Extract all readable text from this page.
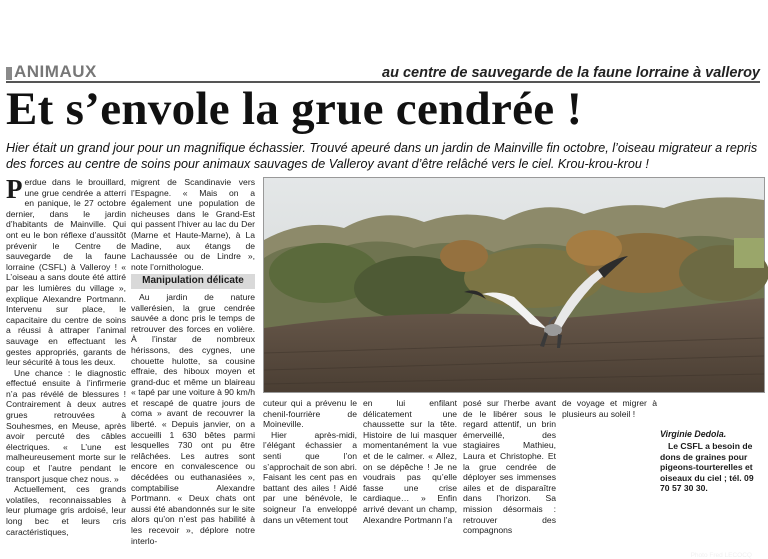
ANIMAUX	au centre de sauvegarde de la faune lorraine à valleroy
Et s’envole la grue cendrée !
Hier était un grand jour pour un magnifique échassier. Trouvé apeuré dans un jardin de Mainville fin octobre, l’oiseau migrateur a repris des forces au centre de soins pour animaux sauvages de Valleroy avant d’être relâché vers le ciel. Krou-krou-krou !

Perdue dans le brouillard, une grue cendrée a atterri en panique, le 27 octobre dernier, dans le jardin d’habitants de Mainville. Qui ont eu le bon réflexe d’aussitôt prévenir le Centre de sauvegarde de la faune lorraine (CSFL) à Valleroy ! « L’oiseau a sans doute été attiré par les lumières du village », explique Alexandre Portmann. Intervenu sur place, le capacitaire du centre de soins a réussi à attraper l’animal sauvage en effectuant les gestes appropriés, garants de leur sécurité à tous les deux.

Une chance : le diagnostic effectué ensuite à l’infirmerie n’a pas révélé de blessures ! Contrairement à deux autres grues retrouvées à Souhesmes, en Meuse, après avoir percuté des câbles électriques. « L’une est malheureusement morte sur le coup et l’autre pendant le transport jusque chez nous. »

Actuellement, ces grands volatiles, reconnaissables à leur plumage gris ardoisé, leur long bec et leurs cris caractéristiques,

migrent de Scandinavie vers l’Espagne. « Mais on a également une population de nicheuses dans le Grand-Est qui passent l’hiver au lac du Der (Marne et Haute-Marne), à La Madine, aux étangs de Lachaussée ou de Lindre », note l’ornithologue.

Manipulation délicate

Au jardin de nature vallerésien, la grue cendrée sauvée a donc pris le temps de retrouver des forces en volière. À l’instar de nombreux hérissons, des cygnes, une chouette hulotte, sa cousine effraie, des hiboux moyen et grand-duc et même un blaireau « tapé par une voiture à 90 km/h et rescapé de quatre jours de coma » avant de recouvrer la liberté. « Depuis janvier, on a accueilli 1 630 bêtes parmi lesquelles 730 ont pu être relâchées. Les autres sont encore en convalescence ou décédées ou euthanasiées », comptabilise Alexandre Portmann. « Deux chats ont aussi été abandonnés sur le site alors qu’on n’est pas habilité à les recevoir », déplore notre interlo-

Photo Fred LECOCQ

cuteur qui a prévenu le chenil-fourrière de Moineville.

Hier après-midi, l’élégant échassier a senti que l’on s’approchait de son abri. Faisant les cent pas en battant des ailes ! Aidé par une bénévole, le soigneur l’a enveloppé dans un vêtement tout

en lui enfilant délicatement une chaussette sur la tête. Histoire de lui masquer momentanément la vue et de le calmer. « Allez, on se dépêche ! Je ne voudrais pas qu’elle fasse une crise cardiaque… » Enfin arrivé devant un champ, Alexandre Portmann l’a

posé sur l’herbe avant de le libérer sous le regard attentif, un brin émerveillé, des stagiaires Mathieu, Laura et Christophe. Et la grue cendrée de déployer ses immenses ailes et de disparaître dans l’horizon. Sa mission désormais : retrouver des compagnons

de voyage et migrer à plusieurs au soleil !

Virginie Dedola.
Le CSFL a besoin de dons de graines pour pigeons-tourterelles et oiseaux du ciel ; tél. 09 70 57 30 30.
